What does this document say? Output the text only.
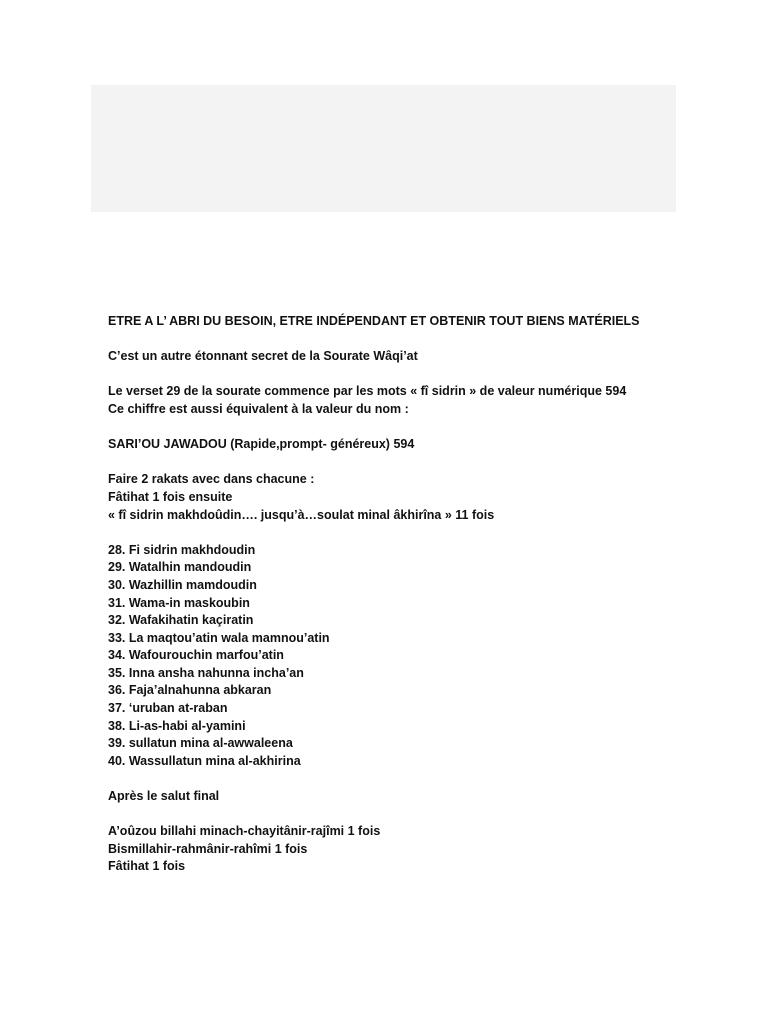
ETRE A L’ ABRI DU BESOIN, ETRE INDÉPENDANT ET OBTENIR TOUT BIENS MATÉRIELS
C’est un autre étonnant secret de la Sourate Wâqi’at
Le verset 29 de la sourate commence par les mots « fî sidrin » de valeur numérique 594
Ce chiffre est aussi équivalent à la valeur du nom :
SARI’OU JAWADOU (Rapide,prompt- généreux) 594
Faire 2 rakats avec dans chacune :
Fâtihat 1 fois ensuite
« fî sidrin makhdoûdin…. jusqu’à…soulat minal âkhirîna » 11 fois
28. Fi sidrin makhdoudin
29. Watalhin mandoudin
30. Wazhillin mamdoudin
31. Wama-in maskoubin
32. Wafakihatin kaçiratin
33. La maqtou’atin wala mamnou’atin
34. Wafourouchin marfou’atin
35. Inna ansha nahunna incha’an
36. Faja’alnahunna abkaran
37. ‘uruban at-raban
38. Li-as-habi al-yamini
39. sullatun mina al-awwaleena
40. Wassullatun mina al-akhirina
Après le salut final
A’oûzou billahi minach-chayitânir-rajîmi 1 fois
Bismillahir-rahmânir-rahîmi 1 fois
Fâtihat 1 fois
